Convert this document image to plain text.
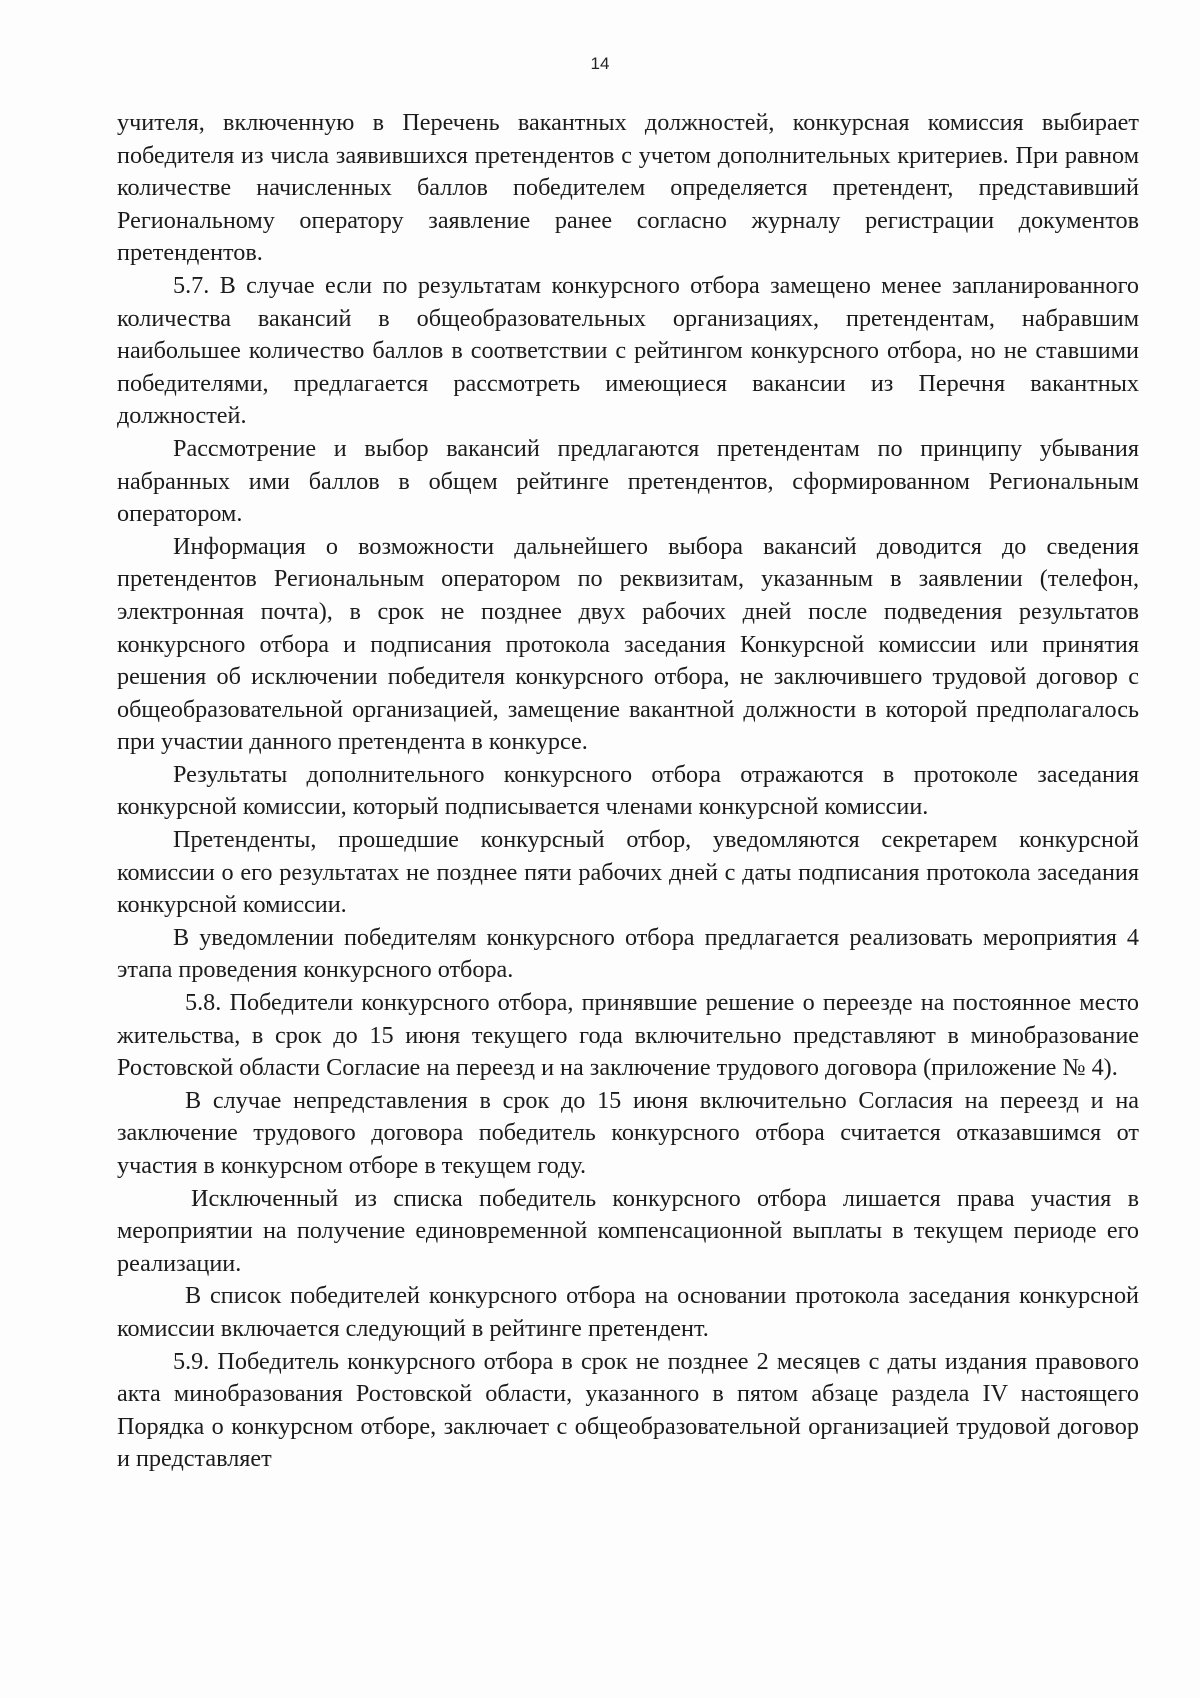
14

учителя, включенную в Перечень вакантных должностей, конкурсная комиссия выбирает победителя из числа заявившихся претендентов с учетом дополнительных критериев. При равном количестве начисленных баллов победителем определяется претендент, представивший Региональному оператору заявление ранее согласно журналу регистрации документов претендентов.

5.7. В случае если по результатам конкурсного отбора замещено менее запланированного количества вакансий в общеобразовательных организациях, претендентам, набравшим наибольшее количество баллов в соответствии с рейтингом конкурсного отбора, но не ставшими победителями, предлагается рассмотреть имеющиеся вакансии из Перечня вакантных должностей.

Рассмотрение и выбор вакансий предлагаются претендентам по принципу убывания набранных ими баллов в общем рейтинге претендентов, сформированном Региональным оператором.

Информация о возможности дальнейшего выбора вакансий доводится до сведения претендентов Региональным оператором по реквизитам, указанным в заявлении (телефон, электронная почта), в срок не позднее двух рабочих дней после подведения результатов конкурсного отбора и подписания протокола заседания Конкурсной комиссии или принятия решения об исключении победителя конкурсного отбора, не заключившего трудовой договор с общеобразовательной организацией, замещение вакантной должности в которой предполагалось при участии данного претендента в конкурсе.

Результаты дополнительного конкурсного отбора отражаются в протоколе заседания конкурсной комиссии, который подписывается членами конкурсной комиссии.

Претенденты, прошедшие конкурсный отбор, уведомляются секретарем конкурсной комиссии о его результатах не позднее пяти рабочих дней с даты подписания протокола заседания конкурсной комиссии.

В уведомлении победителям конкурсного отбора предлагается реализовать мероприятия 4 этапа проведения конкурсного отбора.

5.8. Победители конкурсного отбора, принявшие решение о переезде на постоянное место жительства, в срок до 15 июня текущего года включительно представляют в минобразование Ростовской области Согласие на переезд и на заключение трудового договора (приложение № 4).

В случае непредставления в срок до 15 июня включительно Согласия на переезд и на заключение трудового договора победитель конкурсного отбора считается отказавшимся от участия в конкурсном отборе в текущем году.

Исключенный из списка победитель конкурсного отбора лишается права участия в мероприятии на получение единовременной компенсационной выплаты в текущем периоде его реализации.

В список победителей конкурсного отбора на основании протокола заседания конкурсной комиссии включается следующий в рейтинге претендент.

5.9. Победитель конкурсного отбора в срок не позднее 2 месяцев с даты издания правового акта минобразования Ростовской области, указанного в пятом абзаце раздела IV настоящего Порядка о конкурсном отборе, заключает с общеобразовательной организацией трудовой договор и представляет
